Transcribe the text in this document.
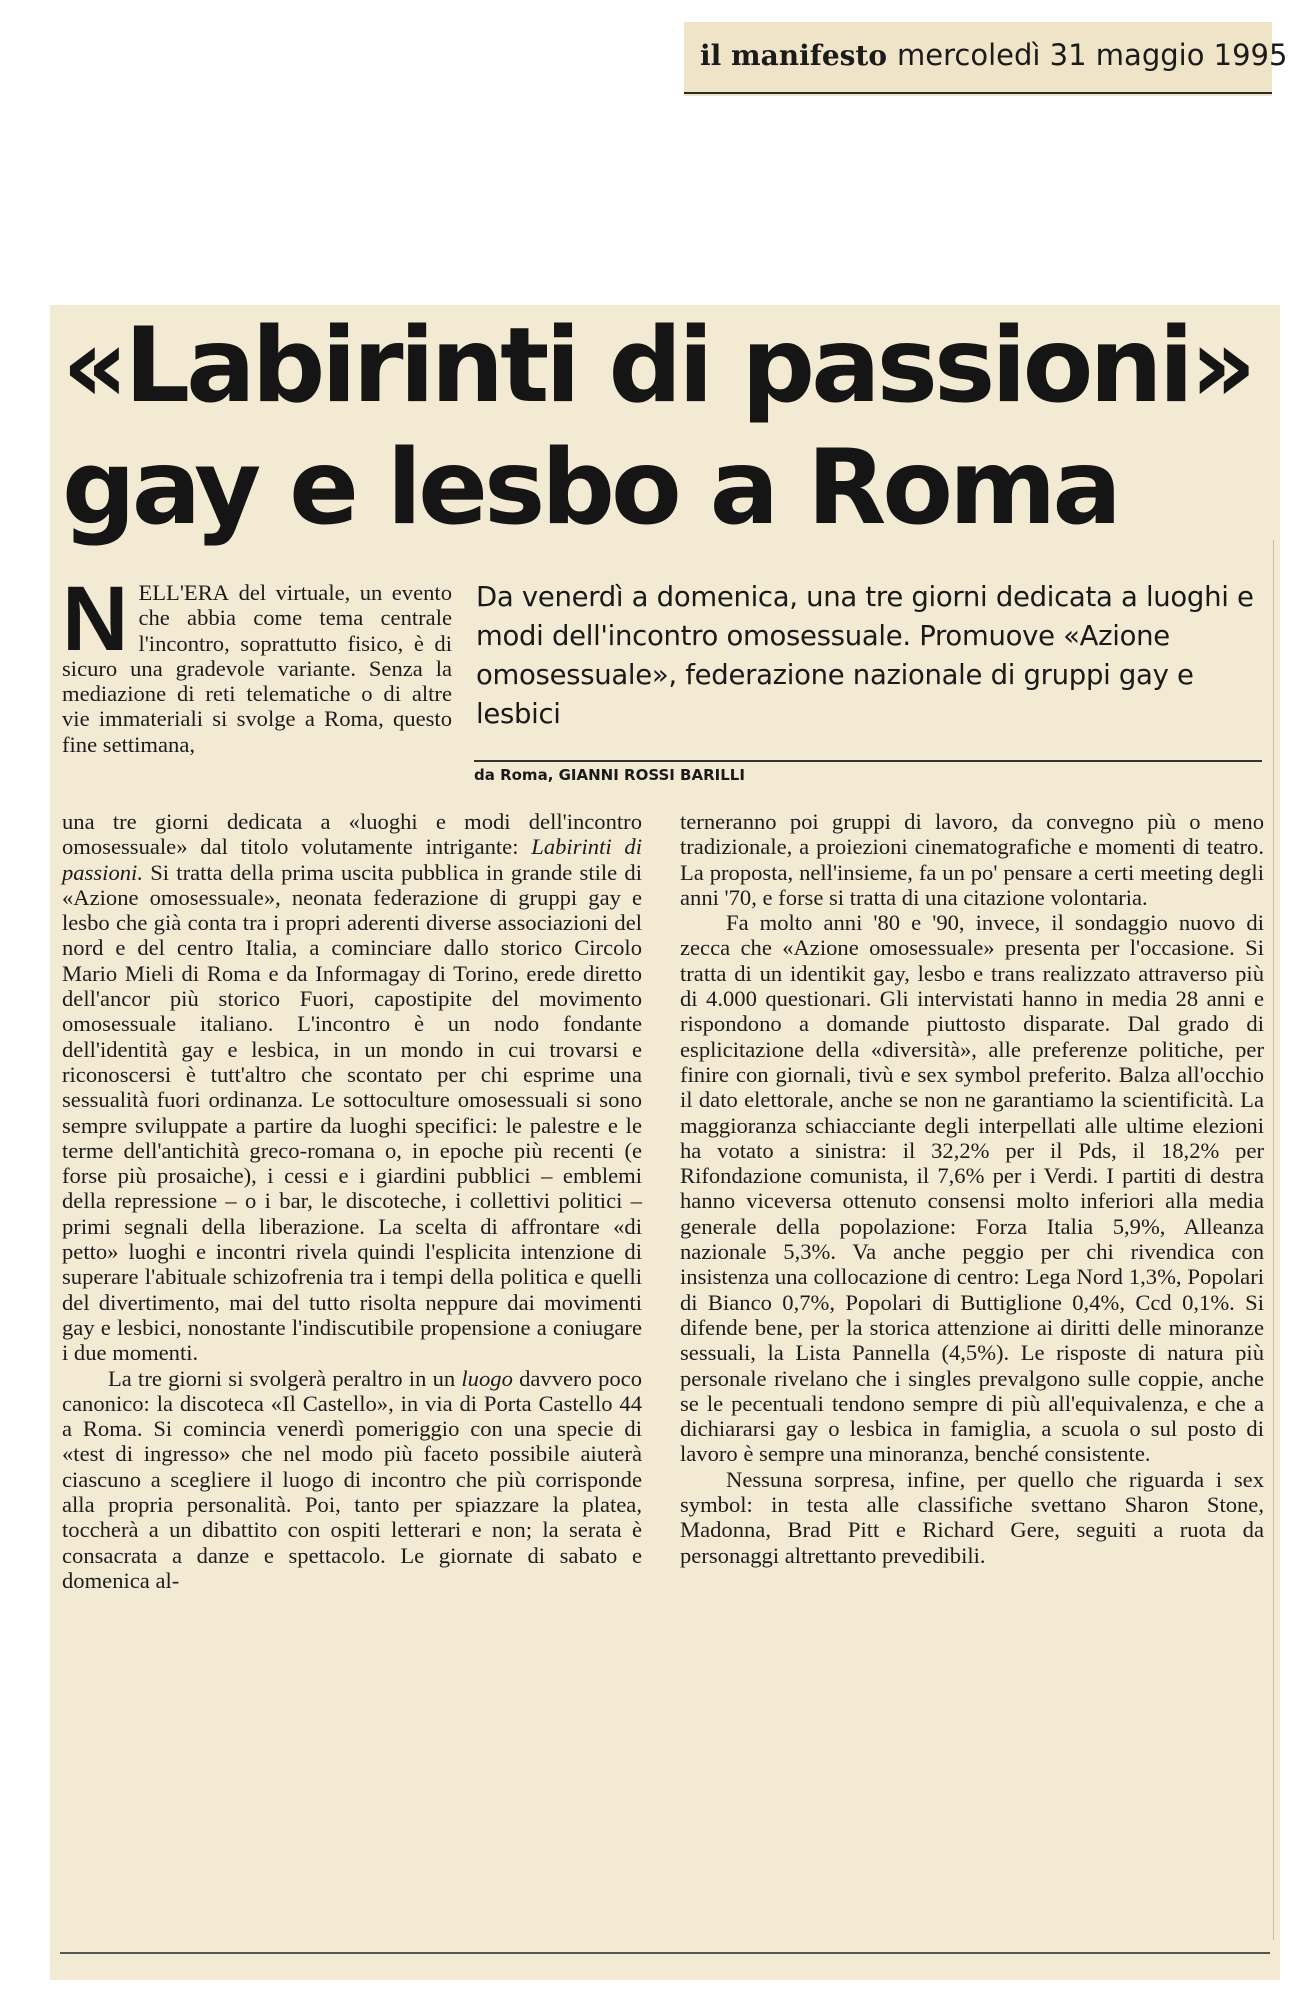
il manifesto mercoledì 31 maggio 1995
«Labirinti di passioni»
gay e lesbo a Roma

Da venerdì a domenica, una tre giorni dedicata a luoghi e modi dell'incontro omosessuale. Promuove «Azione omosessuale», federazione nazionale di gruppi gay e lesbici

da Roma, GIANNI ROSSI BARILLI

NELL'ERA del virtuale, un evento che abbia come tema centrale l'incontro, soprattutto fisico, è di sicuro una gradevole variante. Senza la mediazione di reti telematiche o di altre vie immateriali si svolge a Roma, questo fine settimana,

una tre giorni dedicata a «luoghi e modi dell'incontro omosessuale» dal titolo volutamente intrigante: Labirinti di passioni. Si tratta della prima uscita pubblica in grande stile di «Azione omosessuale», neonata federazione di gruppi gay e lesbo che già conta tra i propri aderenti diverse associazioni del nord e del centro Italia, a cominciare dallo storico Circolo Mario Mieli di Roma e da Informagay di Torino, erede diretto dell'ancor più storico Fuori, capostipite del movimento omosessuale italiano. L'incontro è un nodo fondante dell'identità gay e lesbica, in un mondo in cui trovarsi e riconoscersi è tutt'altro che scontato per chi esprime una sessualità fuori ordinanza. Le sottoculture omosessuali si sono sempre sviluppate a partire da luoghi specifici: le palestre e le terme dell'antichità greco-romana o, in epoche più recenti (e forse più prosaiche), i cessi e i giardini pubblici – emblemi della repressione – o i bar, le discoteche, i collettivi politici – primi segnali della liberazione. La scelta di affrontare «di petto» luoghi e incontri rivela quindi l'esplicita intenzione di superare l'abituale schizofrenia tra i tempi della politica e quelli del divertimento, mai del tutto risolta neppure dai movimenti gay e lesbici, nonostante l'indiscutibile propensione a coniugare i due momenti.

La tre giorni si svolgerà peraltro in un luogo davvero poco canonico: la discoteca «Il Castello», in via di Porta Castello 44 a Roma. Si comincia venerdì pomeriggio con una specie di «test di ingresso» che nel modo più faceto possibile aiuterà ciascuno a scegliere il luogo di incontro che più corrisponde alla propria personalità. Poi, tanto per spiazzare la platea, toccherà a un dibattito con ospiti letterari e non; la serata è consacrata a danze e spettacolo. Le giornate di sabato e domenica al-

terneranno poi gruppi di lavoro, da convegno più o meno tradizionale, a proiezioni cinematografiche e momenti di teatro. La proposta, nell'insieme, fa un po' pensare a certi meeting degli anni '70, e forse si tratta di una citazione volontaria.

Fa molto anni '80 e '90, invece, il sondaggio nuovo di zecca che «Azione omosessuale» presenta per l'occasione. Si tratta di un identikit gay, lesbo e trans realizzato attraverso più di 4.000 questionari. Gli intervistati hanno in media 28 anni e rispondono a domande piuttosto disparate. Dal grado di esplicitazione della «diversità», alle preferenze politiche, per finire con giornali, tivù e sex symbol preferito. Balza all'occhio il dato elettorale, anche se non ne garantiamo la scientificità. La maggioranza schiacciante degli interpellati alle ultime elezioni ha votato a sinistra: il 32,2% per il Pds, il 18,2% per Rifondazione comunista, il 7,6% per i Verdi. I partiti di destra hanno viceversa ottenuto consensi molto inferiori alla media generale della popolazione: Forza Italia 5,9%, Alleanza nazionale 5,3%. Va anche peggio per chi rivendica con insistenza una collocazione di centro: Lega Nord 1,3%, Popolari di Bianco 0,7%, Popolari di Buttiglione 0,4%, Ccd 0,1%. Si difende bene, per la storica attenzione ai diritti delle minoranze sessuali, la Lista Pannella (4,5%). Le risposte di natura più personale rivelano che i singles prevalgono sulle coppie, anche se le pecentuali tendono sempre di più all'equivalenza, e che a dichiararsi gay o lesbica in famiglia, a scuola o sul posto di lavoro è sempre una minoranza, benché consistente.

Nessuna sorpresa, infine, per quello che riguarda i sex symbol: in testa alle classifiche svettano Sharon Stone, Madonna, Brad Pitt e Richard Gere, seguiti a ruota da personaggi altrettanto prevedibili.
